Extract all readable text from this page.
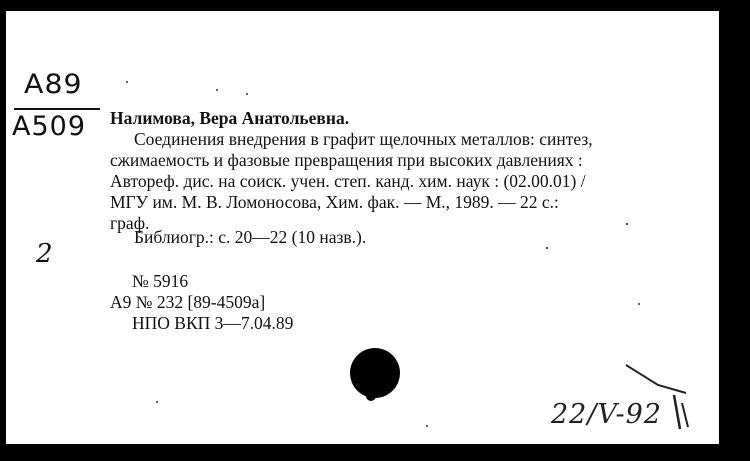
A89
A509 Налимова, Вера Анатольевна.
Соединения внедрения в графит щелочных металлов: синтез,
сжимаемость и фазовые превращения при высоких давлениях :
Автореф. дис. на соиск. учен. степ. канд. хим. наук : (02.00.01) /
МГУ им. М. В. Ломоносова, Хим. фак. — М., 1989. — 22 с.:
граф.
Библиогр.: с. 20—22 (10 назв.).
2
№ 5916
А9 № 232 [89-4509а]
НПО ВКП 3—7.04.89
22/V-92
